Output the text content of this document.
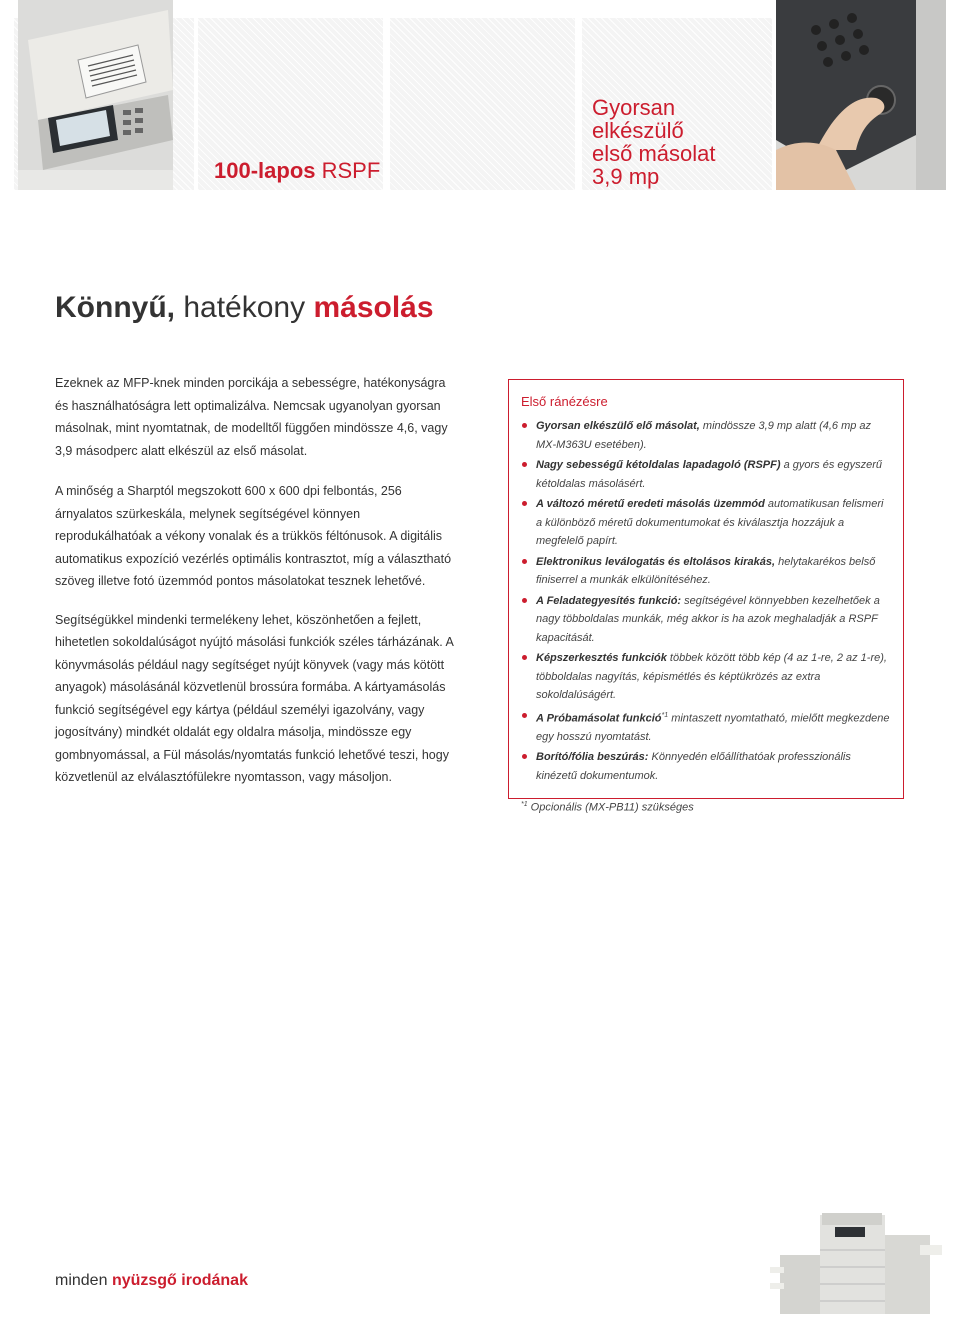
100-lapos RSPF
Gyorsan
elkészülő
első másolat
3,9 mp
Könnyű, hatékony másolás

Ezeknek az MFP-knek minden porcikája a sebességre, hatékonyságra és használhatóságra lett optimalizálva. Nemcsak ugyanolyan gyorsan másolnak, mint nyomtatnak, de modelltől függően mindössze 4,6, vagy 3,9 másodperc alatt elkészül az első másolat.

A minőség a Sharptól megszokott 600 x 600 dpi felbontás, 256 árnyalatos szürkeskála, melynek segítségével könnyen reprodukálhatóak a vékony vonalak és a trükkös féltónusok. A digitális automatikus expozíció vezérlés optimális kontrasztot, míg a választható szöveg illetve fotó üzemmód pontos másolatokat tesznek lehetővé.

Segítségükkel mindenki termelékeny lehet, köszönhetően a fejlett, hihetetlen sokoldalúságot nyújtó másolási funkciók széles tárházának. A könyvmásolás például nagy segítséget nyújt könyvek (vagy más kötött anyagok) másolásánál közvetlenül brossúra formába. A kártyamásolás funkció segítségével egy kártya (például személyi igazolvány, vagy jogosítvány) mindkét oldalát egy oldalra másolja, mindössze egy gombnyomással, a Fül másolás/nyomtatás funkció lehetővé teszi, hogy közvetlenül az elválasztófülekre nyomtasson, vagy másoljon.

Első ránézésre
Gyorsan elkészülő elő másolat, mindössze 3,9 mp alatt (4,6 mp az MX-M363U esetében).
Nagy sebességű kétoldalas lapadagoló (RSPF) a gyors és egyszerű kétoldalas másolásért.
A változó méretű eredeti másolás üzemmód automatikusan felismeri a különböző méretű dokumentumokat és kiválasztja hozzájuk a megfelelő papírt.
Elektronikus leválogatás és eltolásos kirakás, helytakarékos belső finiserrel a munkák elkülönítéséhez.
A Feladategyesítés funkció: segítségével könnyebben kezelhetőek a nagy többoldalas munkák, még akkor is ha azok meghaladják a RSPF kapacitását.
Képszerkesztés funkciók többek között több kép (4 az 1-re, 2 az 1-re), többoldalas nagyítás, képismétlés és képtükrözés az extra sokoldalúságért.
A Próbamásolat funkció$^{*1}$ mintaszett nyomtatható, mielőtt megkezdene egy hosszú nyomtatást.
Borító/fólia beszúrás: Könnyedén előállíthatóak professzionális kinézetű dokumentumok.
$^{*1}$ Opcionális (MX-PB11) szükséges
minden nyüzsgő irodának
